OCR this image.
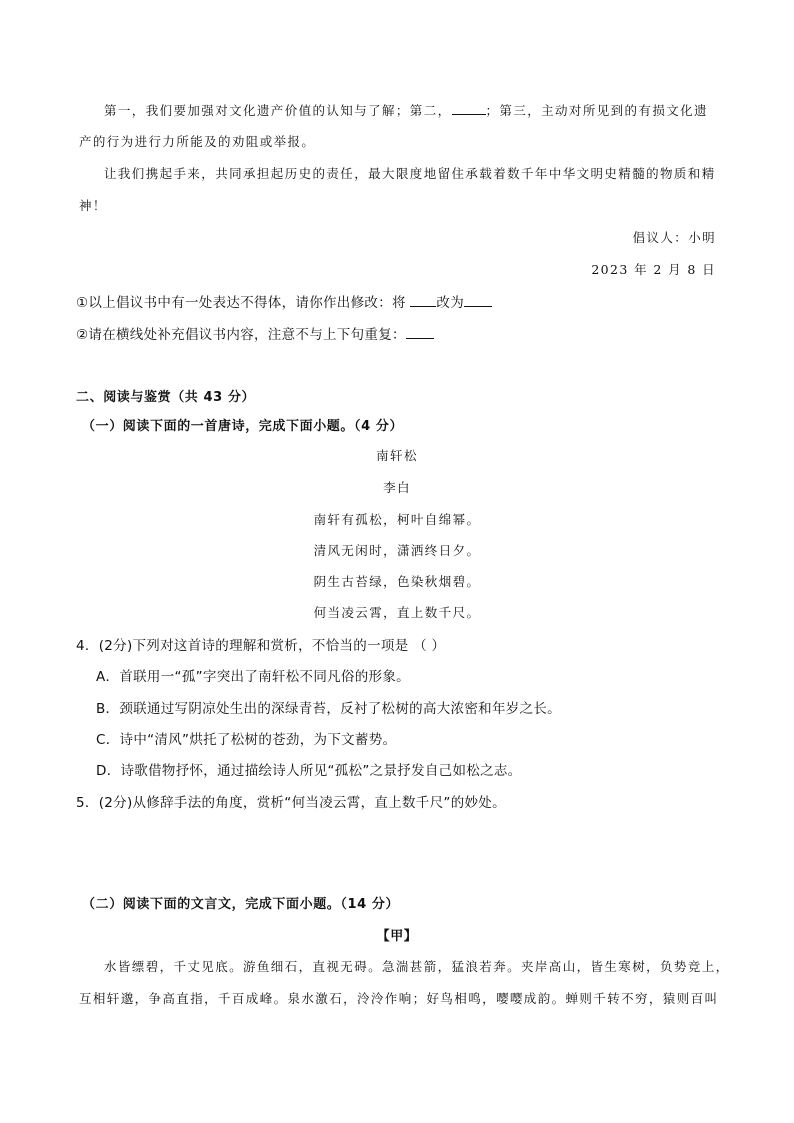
第一，我们要加强对文化遗产价值的认知与了解；第二，	；第三，主动对所见到的有损文化遗
产的行为进行力所能及的劝阻或举报。
让我们携起手来，共同承担起历史的责任，最大限度地留住承载着数千年中华文明史精髓的物质和精
神！
倡议人：小明
2023 年 2 月 8 日
①以上倡议书中有一处表达不得体，请你作出修改：将 改为
②请在横线处补充倡议书内容，注意不与上下句重复：
二、阅读与鉴赏（共 43 分）
（一）阅读下面的一首唐诗，完成下面小题。（4 分）
南轩松
李白
南轩有孤松，柯叶自绵幂。
清风无闲时，潇洒终日夕。
阴生古苔绿，色染秋烟碧。
何当凌云霄，直上数千尺。
4．(2分)下列对这首诗的理解和赏析，不恰当的一项是 （ ）
A．首联用一“孤”字突出了南轩松不同凡俗的形象。
B．颈联通过写阴凉处生出的深绿青苔，反衬了松树的高大浓密和年岁之长。
C．诗中“清风”烘托了松树的苍劲，为下文蓄势。
D．诗歌借物抒怀，通过描绘诗人所见“孤松”之景抒发自己如松之志。
5．(2分)从修辞手法的角度，赏析“何当凌云霄，直上数千尺”的妙处。
（二）阅读下面的文言文，完成下面小题。（14 分）
【甲】
水皆缥碧，千丈见底。游鱼细石，直视无碍。急湍甚箭，猛浪若奔。夹岸高山，皆生寒树，负势竞上，
互相轩邈，争高直指，千百成峰。泉水激石，泠泠作响；好鸟相鸣，嘤嘤成韵。蝉则千转不穷，猿则百叫
